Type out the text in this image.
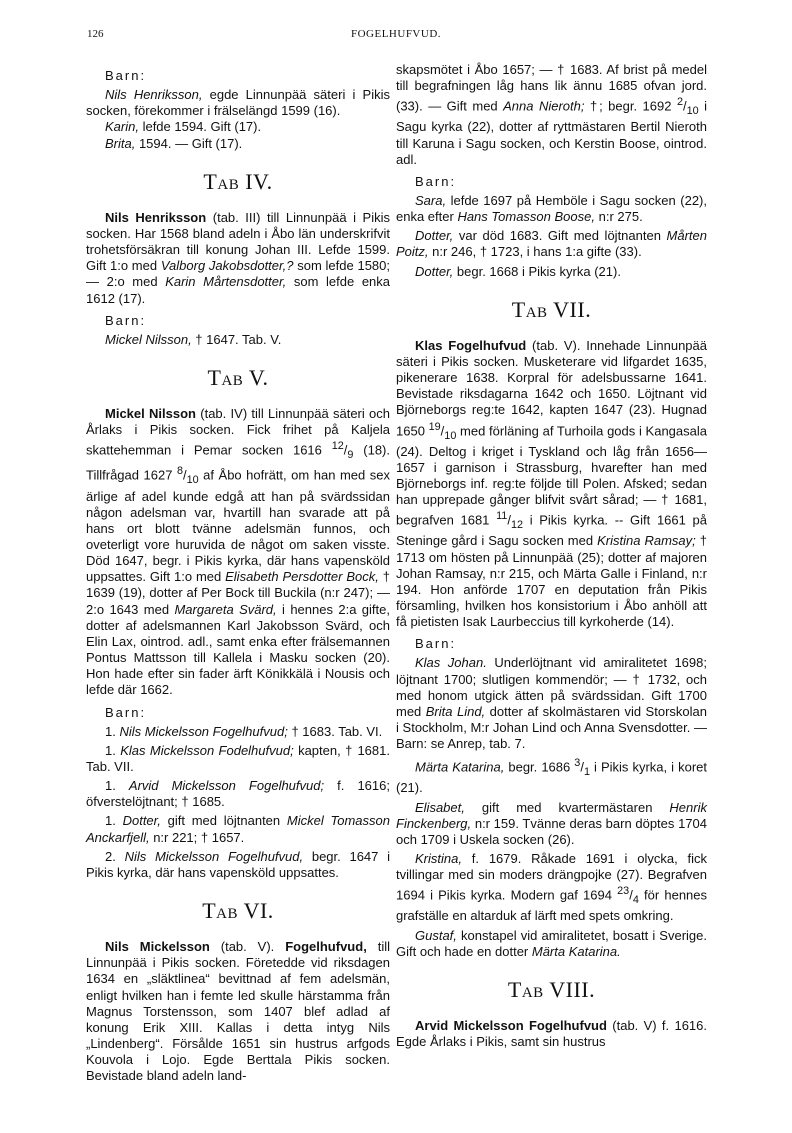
126	FOGELHUFVUD.

Barn:

Nils Henriksson, egde Linnunpää säteri i Pikis socken, förekommer i frälselängd 1599 (16).

Karin, lefde 1594. Gift (17).

Brita, 1594. — Gift (17).

TAB IV.

Nils Henriksson (tab. III) till Linnunpää i Pikis socken. Har 1568 bland adeln i Åbo län underskrifvit trohetsförsäkran till konung Johan III. Lefde 1599. Gift 1:o med Valborg Jakobsdotter,? som lefde 1580; — 2:o med Karin Mårtensdotter, som lefde enka 1612 (17).

Barn:

Mickel Nilsson, † 1647. Tab. V.

TAB V.

Mickel Nilsson (tab. IV) till Linnunpää säteri och Årlaks i Pikis socken. Fick frihet på Kaljela skattehemman i Pemar socken 1616 $^{12}/_9$ (18). Tillfrågad 1627 $^8/_{10}$ af Åbo hofrätt, om han med sex ärlige af adel kunde edgå att han på svärdssidan någon adelsman var, hvartill han svarade att på hans ort blott tvänne adelsmän funnos, och oveterligt vore huruvida de något om saken visste. Död 1647, begr. i Pikis kyrka, där hans vapensköld uppsattes. Gift 1:o med Elisabeth Persdotter Bock, † 1639 (19), dotter af Per Bock till Buckila (n:r 247); — 2:o 1643 med Margareta Svärd, i hennes 2:a gifte, dotter af adelsmannen Karl Jakobsson Svärd, och Elin Lax, ointrod. adl., samt enka efter frälsemannen Pontus Mattsson till Kallela i Masku socken (20). Hon hade efter sin fader ärft Könikkälä i Nousis och lefde där 1662.

Barn:

1. Nils Mickelsson Fogelhufvud; † 1683. Tab. VI.

1. Klas Mickelsson Fodelhufvud; kapten, † 1681. Tab. VII.

1. Arvid Mickelsson Fogelhufvud; f. 1616; öfverstelöjtnant; † 1685.

1. Dotter, gift med löjtnanten Mickel Tomasson Anckarfjell, n:r 221; † 1657.

2. Nils Mickelsson Fogelhufvud, begr. 1647 i Pikis kyrka, där hans vapensköld uppsattes.

TAB VI.

Nils Mickelsson (tab. V). Fogelhufvud, till Linnunpää i Pikis socken. Företedde vid riksdagen 1634 en „släktlinea“ bevittnad af fem adelsmän, enligt hvilken han i femte led skulle härstamma från Magnus Torstensson, som 1407 blef adlad af konung Erik XIII. Kallas i detta intyg Nils „Lindenberg“. Försålde 1651 sin hustrus arfgods Kouvola i Lojo. Egde Berttala Pikis socken. Bevistade bland adeln land-

skapsmötet i Åbo 1657; — † 1683. Af brist på medel till begrafningen låg hans lik ännu 1685 ofvan jord. (33). — Gift med Anna Nieroth; †; begr. 1692 $^2/_{10}$ i Sagu kyrka (22), dotter af ryttmästaren Bertil Nieroth till Karuna i Sagu socken, och Kerstin Boose, ointrod. adl.

Barn:

Sara, lefde 1697 på Hemböle i Sagu socken (22), enka efter Hans Tomasson Boose, n:r 275.

Dotter, var död 1683. Gift med löjtnanten Mårten Poitz, n:r 246, † 1723, i hans 1:a gifte (33).

Dotter, begr. 1668 i Pikis kyrka (21).

TAB VII.

Klas Fogelhufvud (tab. V). Innehade Linnunpää säteri i Pikis socken. Musketerare vid lifgardet 1635, pikenerare 1638. Korpral för adelsbussarne 1641. Bevistade riksdagarna 1642 och 1650. Löjtnant vid Björneborgs reg:te 1642, kapten 1647 (23). Hugnad 1650 $^{19}/_{10}$ med förläning af Turhoila gods i Kangasala (24). Deltog i kriget i Tyskland och låg från 1656—1657 i garnison i Strassburg, hvarefter han med Björneborgs inf. reg:te följde till Polen. Afsked; sedan han upprepade gånger blifvit svårt sårad; — † 1681, begrafven 1681 $^{11}/_{12}$ i Pikis kyrka. -- Gift 1661 på Steninge gård i Sagu socken med Kristina Ramsay; † 1713 om hösten på Linnunpää (25); dotter af majoren Johan Ramsay, n:r 215, och Märta Galle i Finland, n:r 194. Hon anförde 1707 en deputation från Pikis församling, hvilken hos konsistorium i Åbo anhöll att få pietisten Isak Laurbeccius till kyrkoherde (14).

Barn:

Klas Johan. Underlöjtnant vid amiralitetet 1698; löjtnant 1700; slutligen kommendör; — † 1732, och med honom utgick ätten på svärdssidan. Gift 1700 med Brita Lind, dotter af skolmästaren vid Storskolan i Stockholm, M:r Johan Lind och Anna Svensdotter. — Barn: se Anrep, tab. 7.

Märta Katarina, begr. 1686 $^3/_1$ i Pikis kyrka, i koret (21).

Elisabet, gift med kvartermästaren Henrik Finckenberg, n:r 159. Tvänne deras barn döptes 1704 och 1709 i Uskela socken (26).

Kristina, f. 1679. Råkade 1691 i olycka, fick tvillingar med sin moders drängpojke (27). Begrafven 1694 i Pikis kyrka. Modern gaf 1694 $^{23}/_4$ för hennes grafställe en altarduk af lärft med spets omkring.

Gustaf, konstapel vid amiralitetet, bosatt i Sverige. Gift och hade en dotter Märta Katarina.

TAB VIII.

Arvid Mickelsson Fogelhufvud (tab. V) f. 1616. Egde Årlaks i Pikis, samt sin hustrus
